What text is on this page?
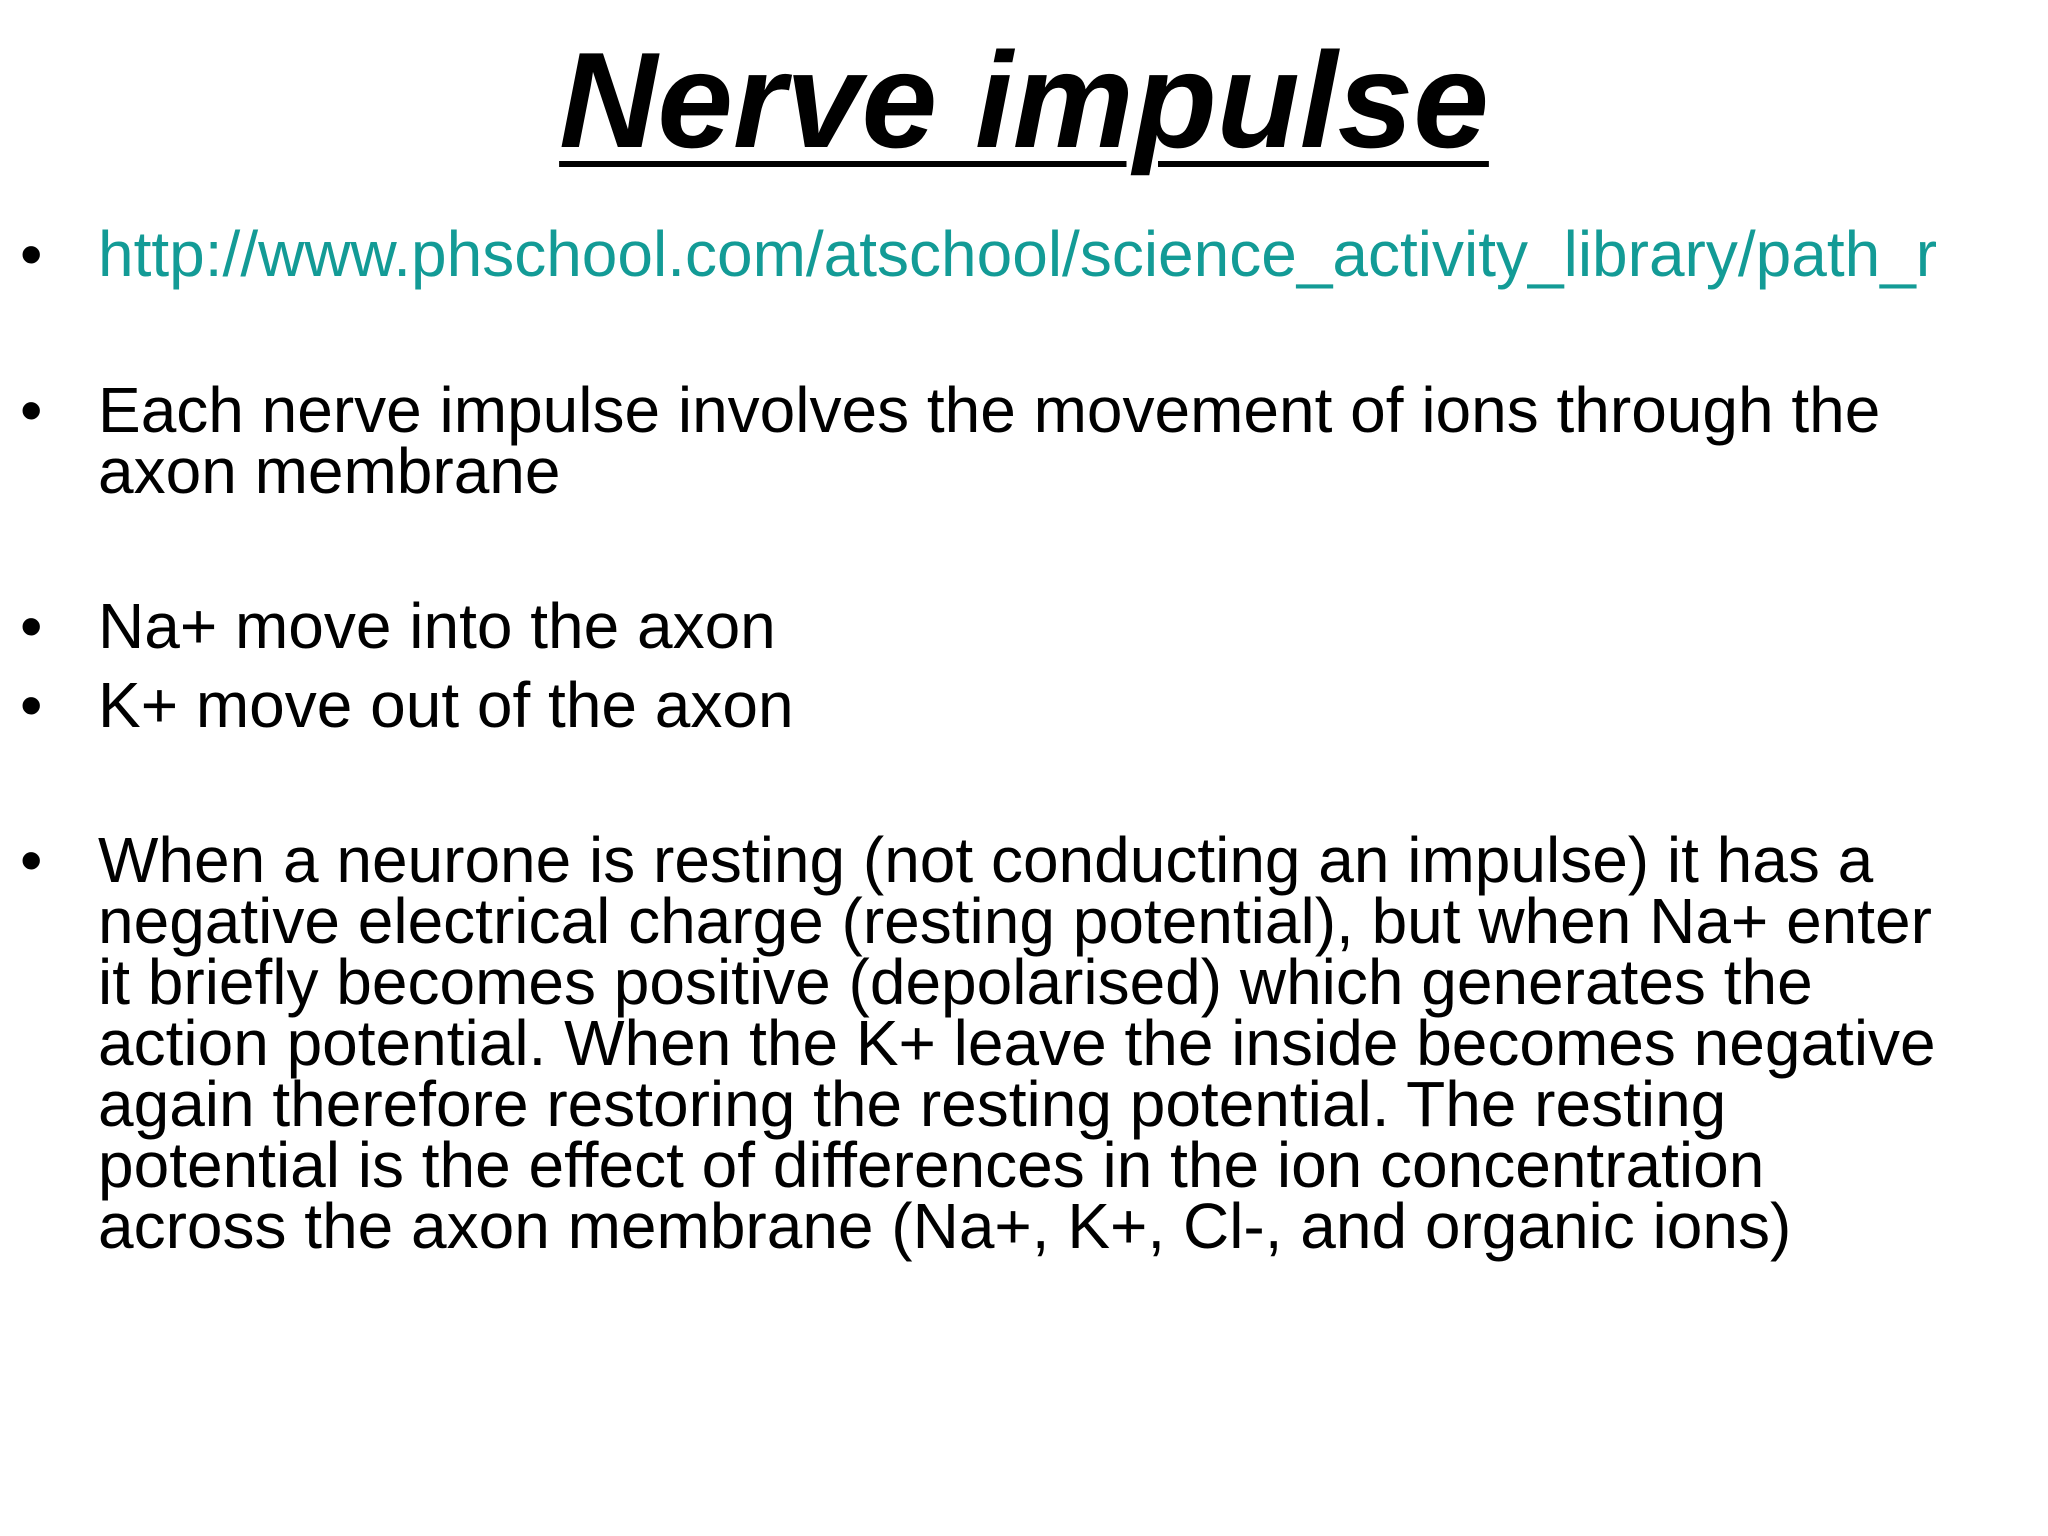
Nerve impulse
• http://www.phschool.com/atschool/science_activity_library/path_r
• Each nerve impulse involves the movement of ions through the
axon membrane
• Na+ move into the axon
• K+ move out of the axon
• When a neurone is resting (not conducting an impulse) it has a
negative electrical charge (resting potential), but when Na+ enter
it briefly becomes positive (depolarised) which generates the
action potential. When the K+ leave the inside becomes negative
again therefore restoring the resting potential. The resting
potential is the effect of differences in the ion concentration
across the axon membrane (Na+, K+, Cl-, and organic ions)
